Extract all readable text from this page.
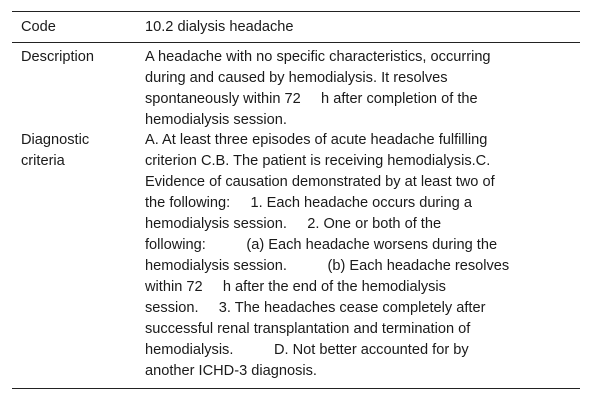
Code	10.2 dialysis headache
Description	A headache with no specific characteristics, occurring
during and caused by hemodialysis. It resolves
spontaneously within 72     h after completion of the
hemodialysis session.
Diagnostic
criteria
A. At least three episodes of acute headache fulfilling
criterion C.B. The patient is receiving hemodialysis.C.
Evidence of causation demonstrated by at least two of
the following:     1. Each headache occurs during a
hemodialysis session.     2. One or both of the
following:          (a) Each headache worsens during the
hemodialysis session.          (b) Each headache resolves
within 72     h after the end of the hemodialysis
session.     3. The headaches cease completely after
successful renal transplantation and termination of
hemodialysis.          D. Not better accounted for by
another ICHD-3 diagnosis.
